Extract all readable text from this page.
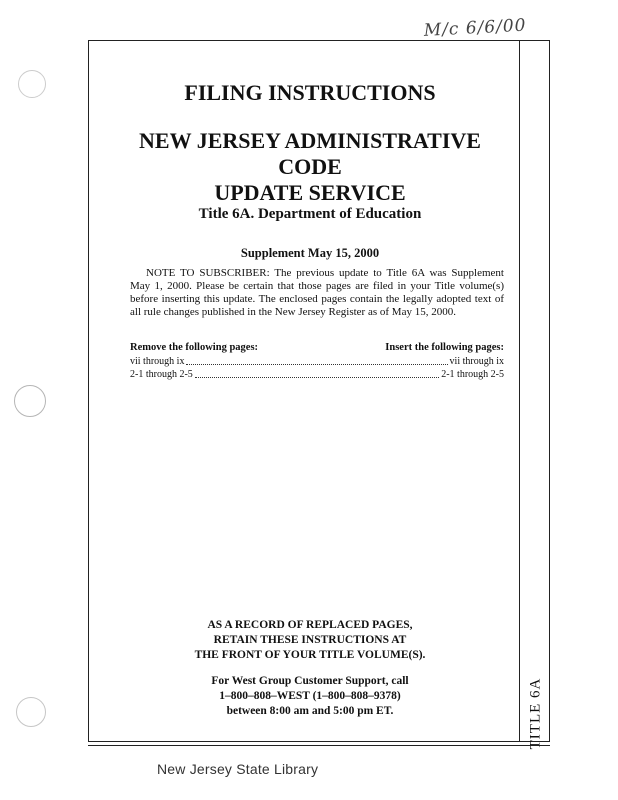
M/c 6/6/00
TITLE 6A
FILING INSTRUCTIONS
NEW JERSEY ADMINISTRATIVE CODE
UPDATE SERVICE
Title 6A. Department of Education
Supplement May 15, 2000

NOTE TO SUBSCRIBER: The previous update to Title 6A was Supplement May 1, 2000. Please be certain that those pages are filed in your Title volume(s) before inserting this update. The enclosed pages contain the legally adopted text of all rule changes published in the New Jersey Register as of May 15, 2000.

Remove the following pages:	Insert the following pages:
vii through ix	vii through ix
2-1 through 2-5	2-1 through 2-5
AS A RECORD OF REPLACED PAGES,
RETAIN THESE INSTRUCTIONS AT
THE FRONT OF YOUR TITLE VOLUME(S).
For West Group Customer Support, call
1–800–808–WEST (1–800–808–9378)
between 8:00 am and 5:00 pm ET.
New Jersey State Library
